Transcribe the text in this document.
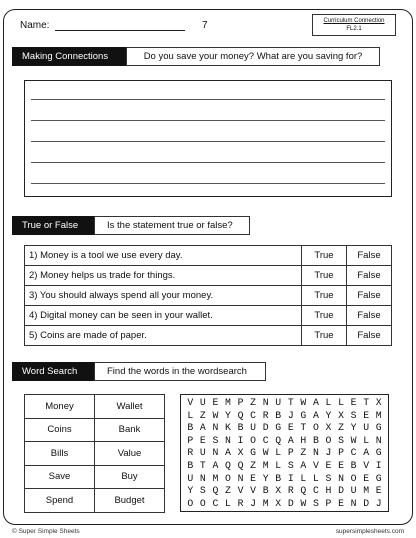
Name:	7	Curriculum Connection
FL2.1
Making Connections	Do you save your money? What are you saving for?
True or False	Is the statement true or false?
1) Money is a tool we use every day.	True	False
2) Money helps us trade for things.	True	False
3) You should always spend all your money.	True	False
4) Digital money can be seen in your wallet.	True	False
5) Coins are made of paper.	True	False
Word Search	Find the words in the wordsearch
Money	Wallet
Coins	Bank
Bills	Value
Save	Buy
Spend	Budget
V U E M P Z N U T W A L L E T X
L Z W Y Q C R B J G A Y X S E M
B A N K B U D G E T O X Z Y U G
P E S N I O C Q A H B O S W L N
R U N A X G W L P Z N J P C A G
B T A Q Q Z M L S A V E E B V I
U N M O N E Y B I L L S N O E G
Y S Q Z V V B X R Q C H D U M E
O O C L R J M X D W S P E N D J
© Super Simple Sheets	supersimplesheets.com
